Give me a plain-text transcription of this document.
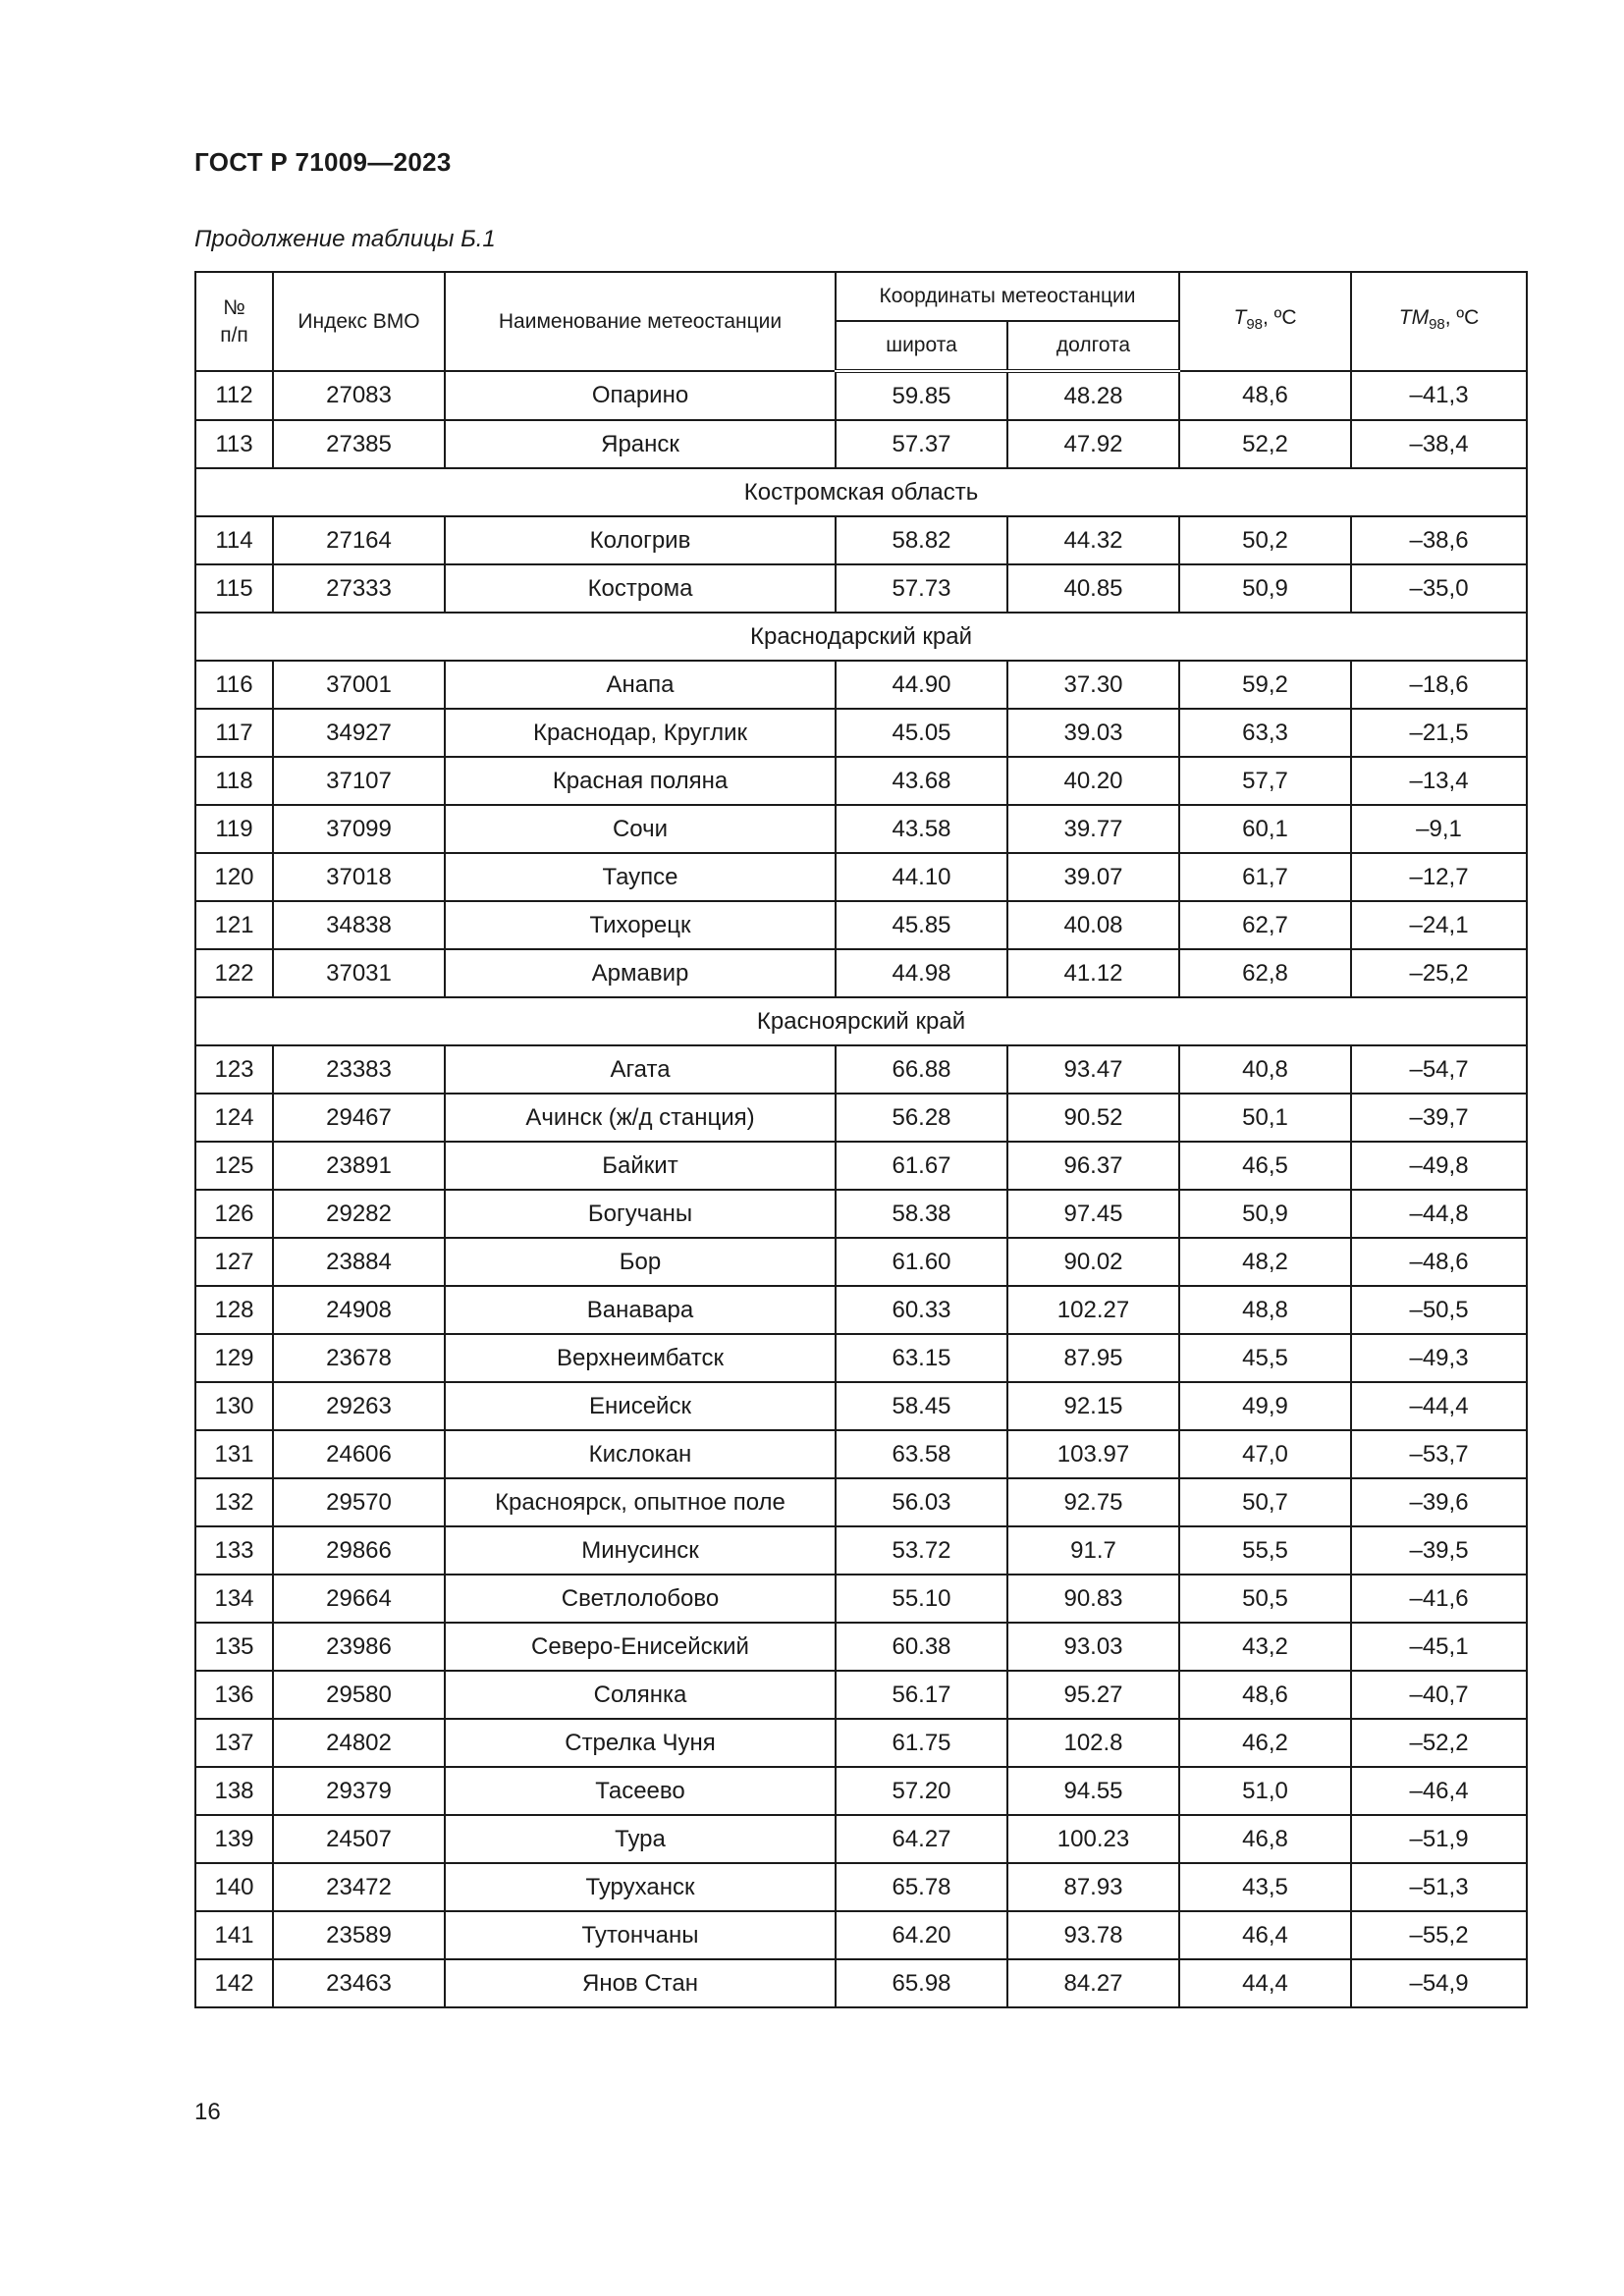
ГОСТ Р 71009—2023
Продолжение таблицы Б.1
№
п/п	Индекс ВМО	Наименование метеостанции	Координаты метеостанции		$T_{98}$, ºС	$TM_{98}$, ºС
			широта	долгота		
112	27083	Опарино	59.85	48.28	48,6	–41,3
113	27385	Яранск	57.37	47.92	52,2	–38,4
Костромская область						
114	27164	Кологрив	58.82	44.32	50,2	–38,6
115	27333	Кострома	57.73	40.85	50,9	–35,0
Краснодарский край						
116	37001	Анапа	44.90	37.30	59,2	–18,6
117	34927	Краснодар, Круглик	45.05	39.03	63,3	–21,5
118	37107	Красная поляна	43.68	40.20	57,7	–13,4
119	37099	Сочи	43.58	39.77	60,1	–9,1
120	37018	Таупсе	44.10	39.07	61,7	–12,7
121	34838	Тихорецк	45.85	40.08	62,7	–24,1
122	37031	Армавир	44.98	41.12	62,8	–25,2
Красноярский край						
123	23383	Агата	66.88	93.47	40,8	–54,7
124	29467	Ачинск (ж/д станция)	56.28	90.52	50,1	–39,7
125	23891	Байкит	61.67	96.37	46,5	–49,8
126	29282	Богучаны	58.38	97.45	50,9	–44,8
127	23884	Бор	61.60	90.02	48,2	–48,6
128	24908	Ванавара	60.33	102.27	48,8	–50,5
129	23678	Верхнеимбатск	63.15	87.95	45,5	–49,3
130	29263	Енисейск	58.45	92.15	49,9	–44,4
131	24606	Кислокан	63.58	103.97	47,0	–53,7
132	29570	Красноярск, опытное поле	56.03	92.75	50,7	–39,6
133	29866	Минусинск	53.72	91.7	55,5	–39,5
134	29664	Светлолобово	55.10	90.83	50,5	–41,6
135	23986	Северо-Енисейский	60.38	93.03	43,2	–45,1
136	29580	Солянка	56.17	95.27	48,6	–40,7
137	24802	Стрелка Чуня	61.75	102.8	46,2	–52,2
138	29379	Тасеево	57.20	94.55	51,0	–46,4
139	24507	Тура	64.27	100.23	46,8	–51,9
140	23472	Туруханск	65.78	87.93	43,5	–51,3
141	23589	Тутончаны	64.20	93.78	46,4	–55,2
142	23463	Янов Стан	65.98	84.27	44,4	–54,9
16
